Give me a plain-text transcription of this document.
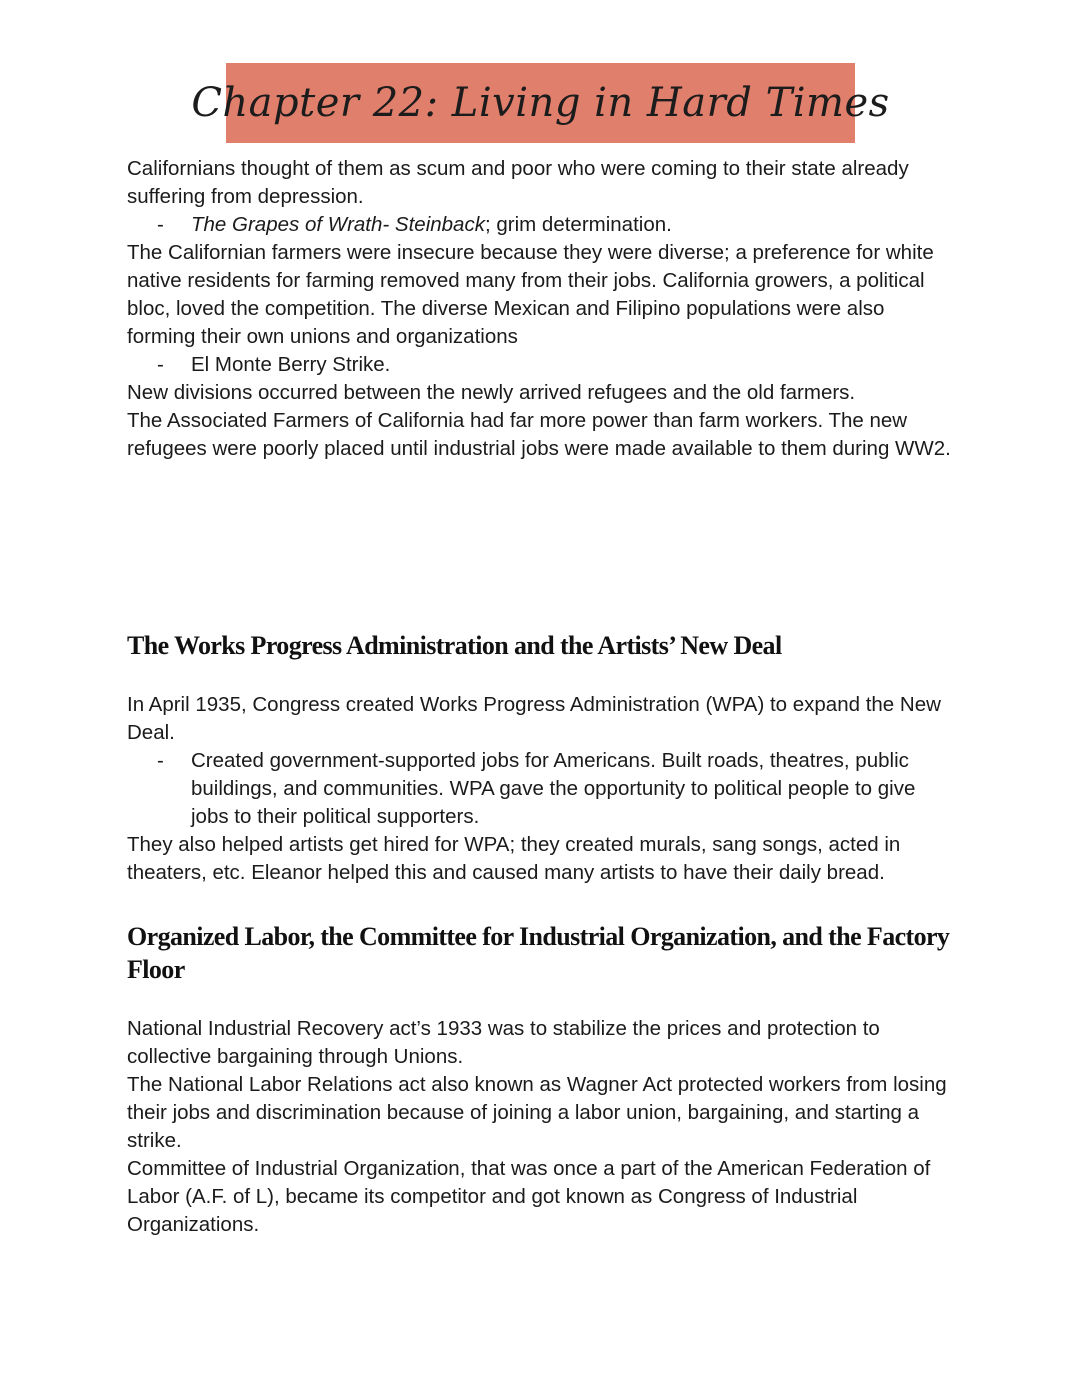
Chapter 22: Living in Hard Times

Californians thought of them as scum and poor who were coming to their state already suffering from depression.

- The Grapes of Wrath- Steinback; grim determination.

The Californian farmers were insecure because they were diverse; a preference for white native residents for farming removed many from their jobs. California growers, a political bloc, loved the competition. The diverse Mexican and Filipino populations were also forming their own unions and organizations

- El Monte Berry Strike.

New divisions occurred between the newly arrived refugees and the old farmers.

The Associated Farmers of California had far more power than farm workers. The new refugees were poorly placed until industrial jobs were made available to them during WW2.

The Works Progress Administration and the Artists’ New Deal

In April 1935, Congress created Works Progress Administration (WPA) to expand the New Deal.

- Created government-supported jobs for Americans. Built roads, theatres, public buildings, and communities. WPA gave the opportunity to political people to give jobs to their political supporters.

They also helped artists get hired for WPA; they created murals, sang songs, acted in theaters, etc. Eleanor helped this and caused many artists to have their daily bread.

Organized Labor, the Committee for Industrial Organization, and the Factory Floor

National Industrial Recovery act’s 1933 was to stabilize the prices and protection to collective bargaining through Unions.

The National Labor Relations act also known as Wagner Act protected workers from losing their jobs and discrimination because of joining a labor union, bargaining, and starting a strike.

Committee of Industrial Organization, that was once a part of the American Federation of Labor (A.F. of L), became its competitor and got known as Congress of Industrial Organizations.
